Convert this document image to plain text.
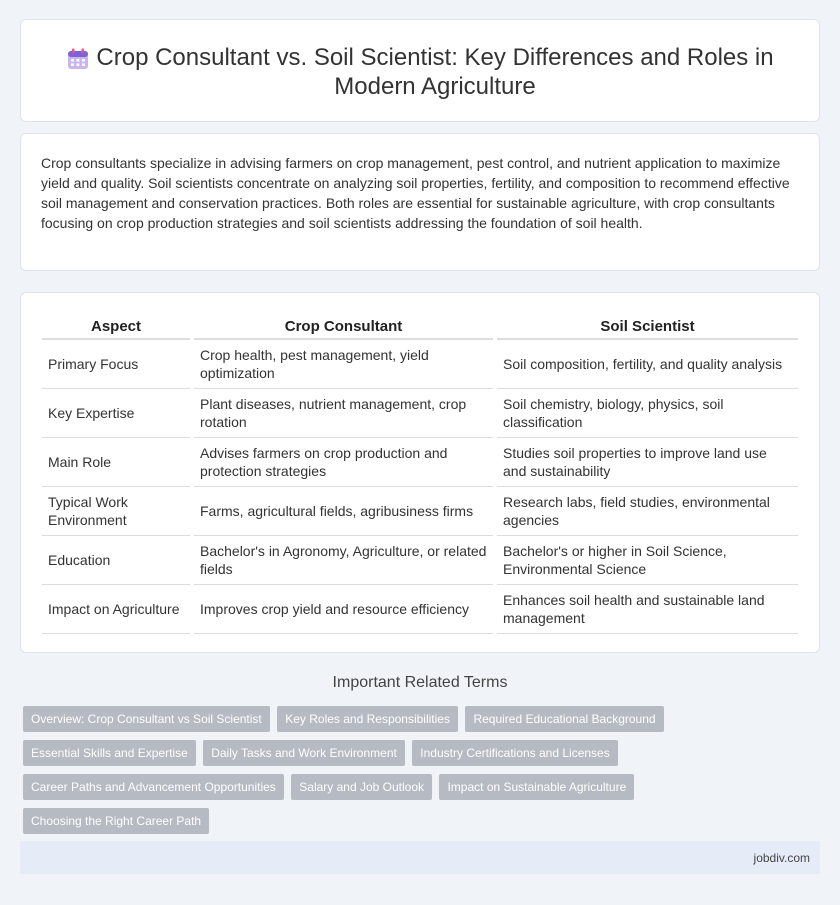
Crop Consultant vs. Soil Scientist: Key Differences and Roles in Modern Agriculture

Crop consultants specialize in advising farmers on crop management, pest control, and nutrient application to maximize yield and quality. Soil scientists concentrate on analyzing soil properties, fertility, and composition to recommend effective soil management and conservation practices. Both roles are essential for sustainable agriculture, with crop consultants focusing on crop production strategies and soil scientists addressing the foundation of soil health.

Aspect	Crop Consultant	Soil Scientist
Primary Focus	Crop health, pest management, yield optimization	Soil composition, fertility, and quality analysis
Key Expertise	Plant diseases, nutrient management, crop rotation	Soil chemistry, biology, physics, soil classification
Main Role	Advises farmers on crop production and protection strategies	Studies soil properties to improve land use and sustainability
Typical Work Environment	Farms, agricultural fields, agribusiness firms	Research labs, field studies, environmental agencies
Education	Bachelor's in Agronomy, Agriculture, or related fields	Bachelor's or higher in Soil Science, Environmental Science
Impact on Agriculture	Improves crop yield and resource efficiency	Enhances soil health and sustainable land management
Important Related Terms
Overview: Crop Consultant vs Soil Scientist Key Roles and Responsibilities Required Educational Background Essential Skills and Expertise Daily Tasks and Work Environment Industry Certifications and Licenses Career Paths and Advancement Opportunities Salary and Job Outlook Impact on Sustainable Agriculture Choosing the Right Career Path
jobdiv.com
